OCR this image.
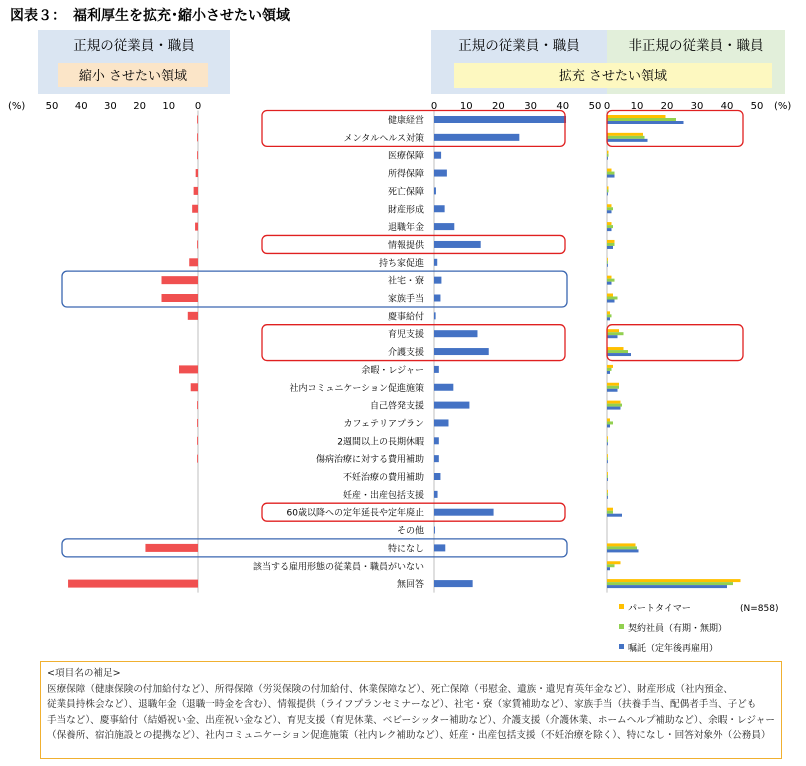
図表３：　福利厚生を拡充･縮小させたい領域
正規の従業員・職員
縮小 させたい領域
正規の従業員・職員	非正規の従業員・職員
拡充 させたい領域
(%)	(%)
50 40 30 20 10 0	0 10 20 30 40 50 0 10 20 30 40 50
健康経営
メンタルヘルス対策
医療保障
所得保障
死亡保障
財産形成
退職年金
情報提供
持ち家促進
社宅・寮
家族手当
慶事給付
育児支援
介護支援
余暇・レジャー
社内コミュニケーション促進施策
自己啓発支援
カフェテリアプラン
2週間以上の長期休暇
傷病治療に対する費用補助
不妊治療の費用補助
妊産・出産包括支援
60歳以降への定年延長や定年廃止
その他
特になし
該当する雇用形態の従業員・職員がいない
無回答
パートタイマー
契約社員（有期・無期）
嘱託（定年後再雇用）
(N=858)
<項目名の補足>
医療保障（健康保険の付加給付など）、所得保障（労災保険の付加給付、休業保障など）、死亡保障（弔慰金、遺族・遺児育英年金など）、財産形成（社内預金、
従業員持株会など）、退職年金（退職一時金を含む）、情報提供（ライフプランセミナーなど）、社宅・寮（家賃補助など）、家族手当（扶養手当、配偶者手当、子ども
手当など）、慶事給付（結婚祝い金、出産祝い金など）、育児支援（育児休業、ベビーシッター補助など）、介護支援（介護休業、ホームヘルプ補助など）、余暇・レジャー
（保養所、宿泊施設との提携など）、社内コミュニケーション促進施策（社内レク補助など）、妊産・出産包括支援（不妊治療を除く）、特になし・回答対象外（公務員）
